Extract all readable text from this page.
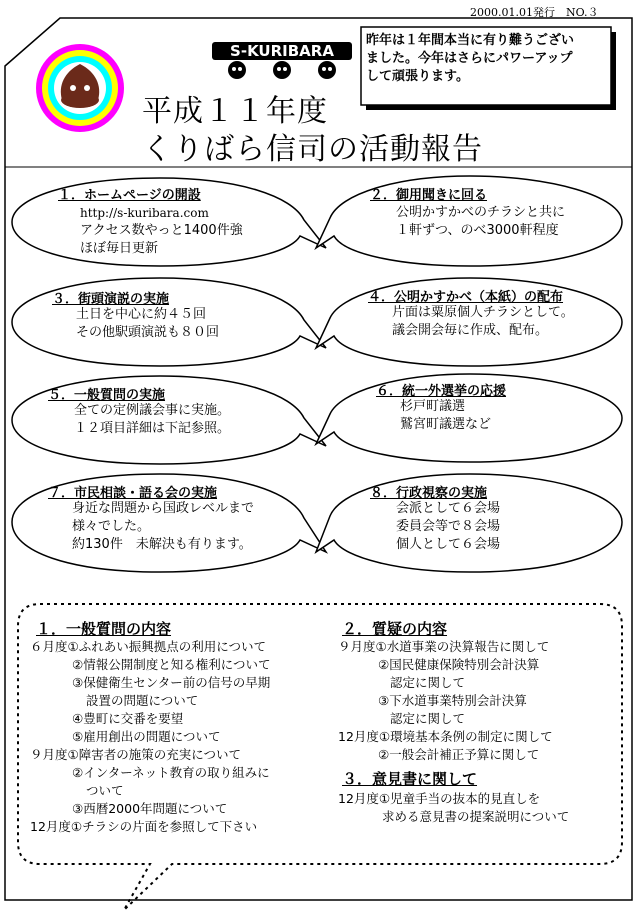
2000.01.01発行　NO.３
S-KURIBARA
平成１１年度
くりばら信司の活動報告
昨年は１年間本当に有り難うござい
ました。今年はさらにパワーアップ
して頑張ります。
１．ホームページの開設
http://s-kuribara.com
アクセス数やっと1400件強
ほぼ毎日更新
２．御用聞きに回る
公明かすかべのチラシと共に
１軒ずつ、のべ3000軒程度
３．街頭演説の実施
土日を中心に約４５回
その他駅頭演説も８０回
４．公明かすかべ（本紙）の配布
片面は粟原個人チラシとして。
議会開会毎に作成、配布。
５．一般質問の実施
全ての定例議会事に実施。
１２項目詳細は下記参照。
６．統一外選挙の応援
杉戸町議選
鷲宮町議選など
７．市民相談・語る会の実施
身近な問題から国政レベルまで
様々でした。
約130件　未解決も有ります。
８．行政視察の実施
会派として６会場
委員会等で８会場
個人として６会場
１．一般質問の内容
６月度①ふれあい振興拠点の利用について
②情報公開制度と知る権利について
③保健衛生センター前の信号の早期
設置の問題について
④豊町に交番を要望
⑤雇用創出の問題について
９月度①障害者の施策の充実について
②インターネット教育の取り組みに
ついて
③西暦2000年問題について
12月度①チラシの片面を参照して下さい
２．質疑の内容
９月度①水道事業の決算報告に関して
②国民健康保険特別会計決算
認定に関して
③下水道事業特別会計決算
認定に関して
12月度①環境基本条例の制定に関して
②一般会計補正予算に関して
３．意見書に関して
12月度①児童手当の抜本的見直しを
求める意見書の提案説明について
